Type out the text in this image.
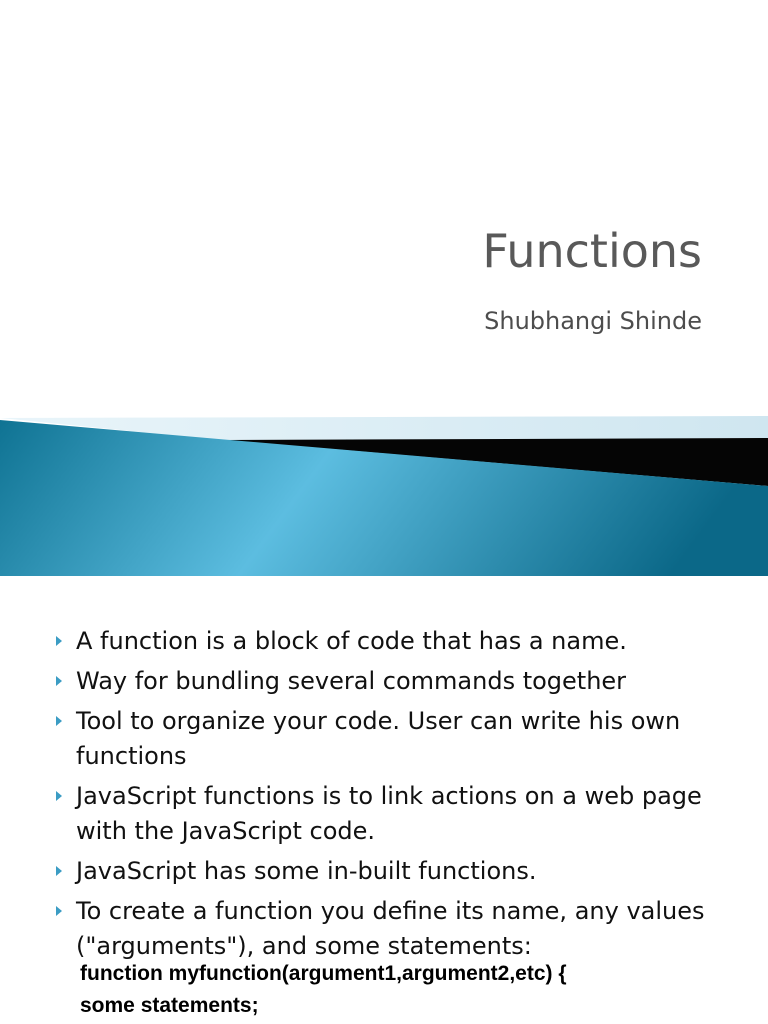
Functions
Shubhangi Shinde
A function is a block of code that has a name.
Way for bundling several commands together
Tool to organize your code. User can write his own functions
JavaScript functions is to link actions on a web page with the JavaScript code.
JavaScript has some in-built functions.
To create a function you define its name, any values ("arguments"), and some statements:
function myfunction(argument1,argument2,etc) {
some statements;
